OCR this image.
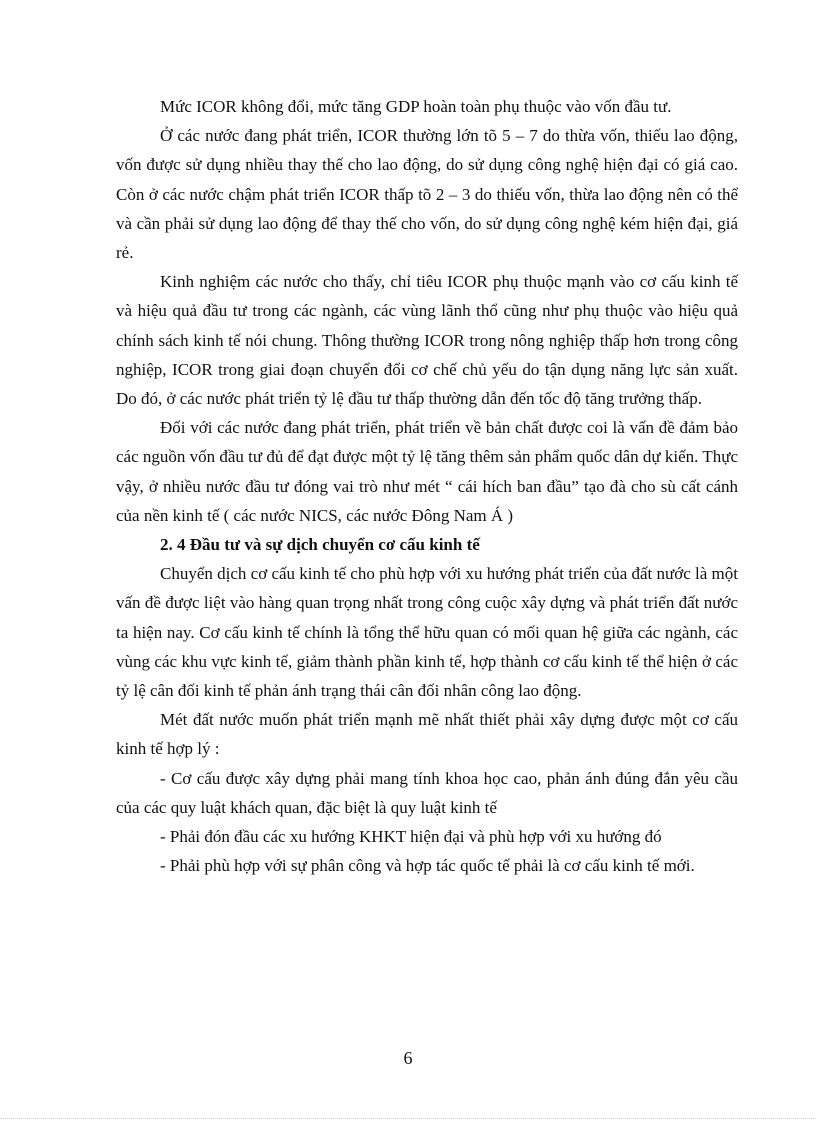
Mức ICOR không đổi, mức tăng GDP hoàn toàn phụ thuộc vào vốn đầu tư.

Ở các nước đang phát triển, ICOR thường lớn tõ 5 – 7 do thừa vốn, thiếu lao động, vốn được sử dụng nhiều thay thế cho lao động, do sử dụng công nghệ hiện đại có giá cao. Còn ở các nước chậm phát triển ICOR thấp tõ 2 – 3 do thiếu vốn, thừa lao động nên có thể và cần phải sử dụng lao động để thay thế cho vốn, do sử dụng công nghệ kém hiện đại, giá rẻ.

Kinh nghiệm các nước cho thấy, chỉ tiêu ICOR phụ thuộc mạnh vào cơ cấu kinh tế và hiệu quả đầu tư trong các ngành, các vùng lãnh thổ cũng như phụ thuộc vào hiệu quả chính sách kinh tế nói chung. Thông thường ICOR trong nông nghiệp thấp hơn trong công nghiệp, ICOR trong giai đoạn chuyển đổi cơ chế chủ yếu do tận dụng năng lực sản xuất. Do đó, ở các nước phát triển tỷ lệ đầu tư thấp thường dẫn đến tốc độ tăng trưởng thấp.

Đối với các nước đang phát triển, phát triển về bản chất được coi là vấn đề đảm bảo các nguồn vốn đầu tư đủ để đạt được một tỷ lệ tăng thêm sản phẩm quốc dân dự kiến. Thực vậy, ở nhiều nước đầu tư đóng vai trò như mét “ cái hích ban đầu” tạo đà cho sù cất cánh của nền kinh tế ( các nước NICS, các nước Đông Nam Á )

2. 4 Đầu tư và sự dịch chuyển cơ cấu kinh tế

Chuyển dịch cơ cấu kinh tế cho phù hợp với xu hướng phát triển của đất nước là một vấn đề được liệt vào hàng quan trọng nhất trong công cuộc xây dựng và phát triển đất nước ta hiện nay. Cơ cấu kinh tế chính là tổng thể hữu quan có mối quan hệ giữa các ngành, các vùng các khu vực kinh tế, giảm thành phần kinh tế, hợp thành cơ cấu kinh tế thể hiện ở các tỷ lệ cân đối kinh tế phản ánh trạng thái cân đối nhân công lao động.

Mét đất nước muốn phát triển mạnh mẽ nhất thiết phải xây dựng được một cơ cấu kinh tế hợp lý :

- Cơ cấu được xây dựng phải mang tính khoa học cao, phản ánh đúng đắn yêu cầu của các quy luật khách quan, đặc biệt là quy luật kinh tế

- Phải đón đầu các xu hướng KHKT hiện đại và phù hợp với xu hướng đó

- Phải phù hợp với sự phân công và hợp tác quốc tế phải là cơ cấu kinh tế mới.

6
